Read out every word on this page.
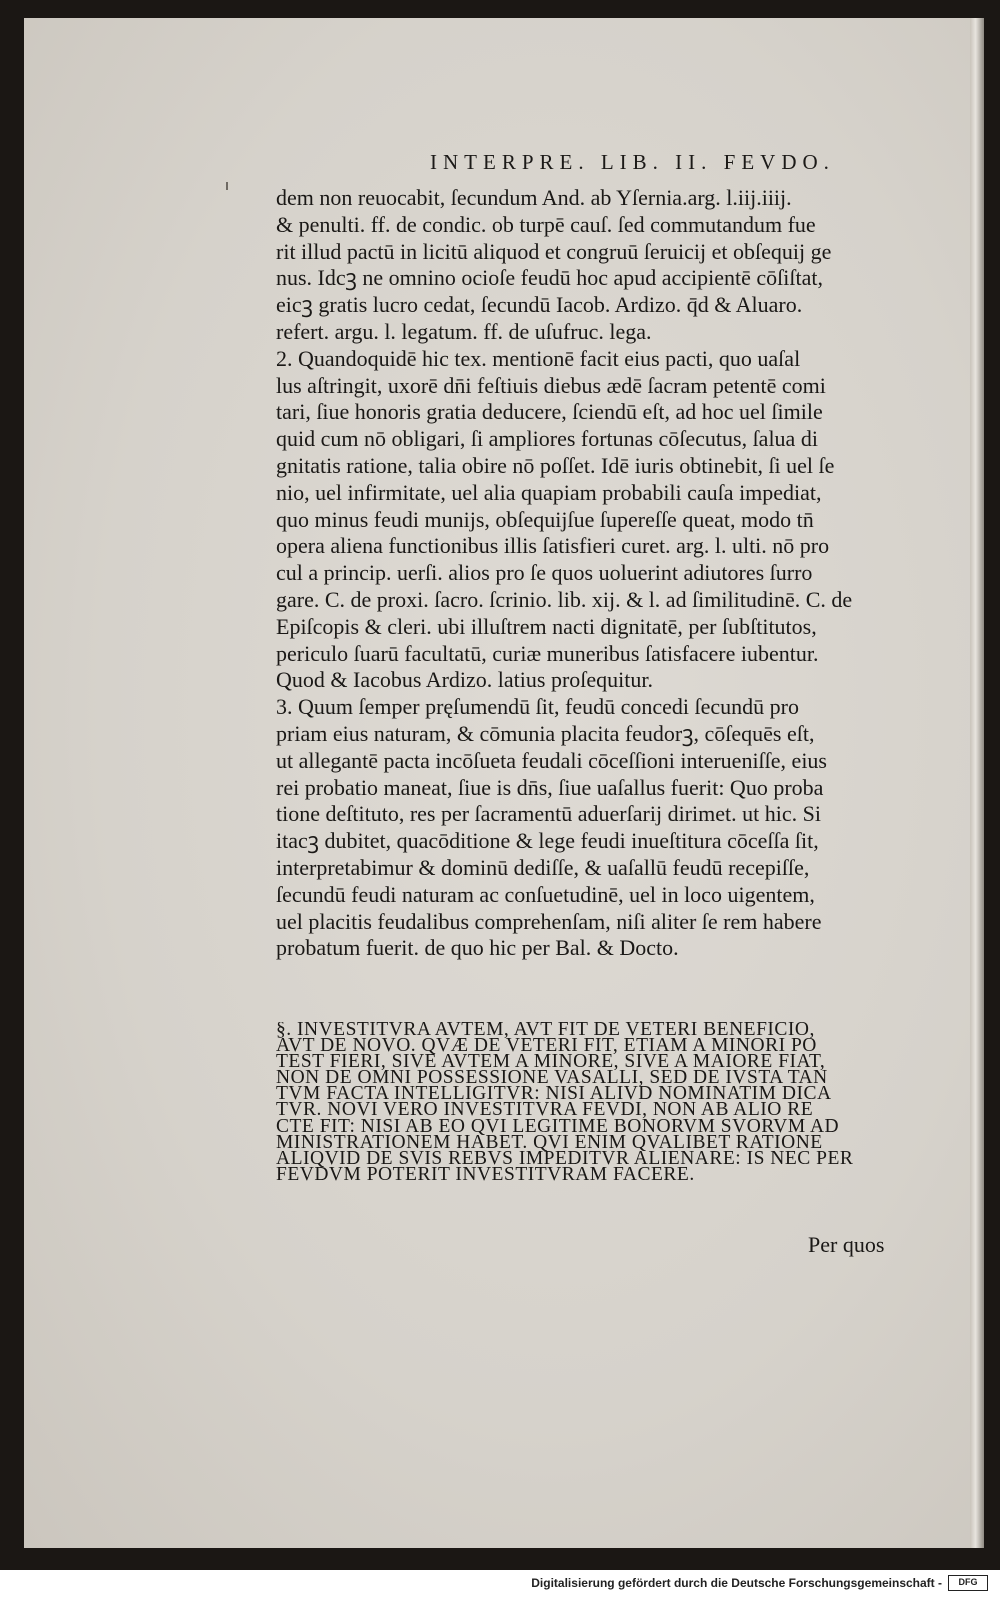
INTERPRE. LIB. II. FEVDO.
dem non reuocabit, ſecundum And. ab Yſernia.arg. l.iij.iiij.
& penulti. ff. de condic. ob turpē cauſ. ſed commutandum fue
rit illud pactū in licitū aliquod et congruū ſeruicij et obſequij ge
nus. Idcꝫ ne omnino ocioſe feudū hoc apud accipientē cōſiſtat,
eicꝫ gratis lucro cedat, ſecundū Iacob. Ardizo. q̄d & Aluaro.
refert. argu. l. legatum. ff. de uſufruc. lega.
2. Quandoquidē hic tex. mentionē facit eius pacti, quo uaſal
lus aſtringit, uxorē dn̄i feſtiuis diebus ædē ſacram petentē comi
tari, ſiue honoris gratia deducere, ſciendū eſt, ad hoc uel ſimile
quid cum nō obligari, ſi ampliores fortunas cōſecutus, ſalua di
gnitatis ratione, talia obire nō poſſet. Idē iuris obtinebit, ſi uel ſe
nio, uel infirmitate, uel alia quapiam probabili cauſa impediat,
quo minus feudi munijs, obſequijſue ſupereſſe queat, modo tn̄
opera aliena functionibus illis ſatisfieri curet. arg. l. ulti. nō pro
cul a princip. uerſi. alios pro ſe quos uoluerint adiutores ſurro
gare. C. de proxi. ſacro. ſcrinio. lib. xij. & l. ad ſimilitudinē. C. de
Epiſcopis & cleri. ubi illuſtrem nacti dignitatē, per ſubſtitutos,
periculo ſuarū facultatū, curiæ muneribus ſatisfacere iubentur.
Quod & Iacobus Ardizo. latius proſequitur.
3. Quum ſemper pręſumendū ſit, feudū concedi ſecundū pro
priam eius naturam, & cōmunia placita feudorꝫ, cōſequēs eſt,
ut allegantē pacta incōſueta feudali cōceſſioni interueniſſe, eius
rei probatio maneat, ſiue is dn̄s, ſiue uaſallus fuerit: Quo proba
tione deſtituto, res per ſacramentū aduerſarij dirimet. ut hic. Si
itacꝫ dubitet, quacōditione & lege feudi inueſtitura cōceſſa ſit,
interpretabimur & dominū dediſſe, & uaſallū feudū recepiſſe,
ſecundū feudi naturam ac conſuetudinē, uel in loco uigentem,
uel placitis feudalibus comprehenſam, niſi aliter ſe rem habere
probatum fuerit. de quo hic per Bal. & Docto.
§. INVESTITVRA AVTEM, AVT FIT DE VETERI BENEFICIO,
AVT DE NOVO. QVÆ DE VETERI FIT, ETIAM A MINORI PO
TEST FIERI, SIVE AVTEM A MINORE, SIVE A MAIORE FIAT,
NON DE OMNI POSSESSIONE VASALLI, SED DE IVSTA TAN
TVM FACTA INTELLIGITVR: NISI ALIVD NOMINATIM DICA
TVR. NOVI VERO INVESTITVRA FEVDI, NON AB ALIO RE
CTE FIT: NISI AB EO QVI LEGITIME BONORVM SVORVM AD
MINISTRATIONEM HABET. QVI ENIM QVALIBET RATIONE
ALIQVID DE SVIS REBVS IMPEDITVR ALIENARE: IS NEC PER
FEVDVM POTERIT INVESTITVRAM FACERE.
Per quos
Digitalisierung gefördert durch die Deutsche Forschungsgemeinschaft -	DFG
